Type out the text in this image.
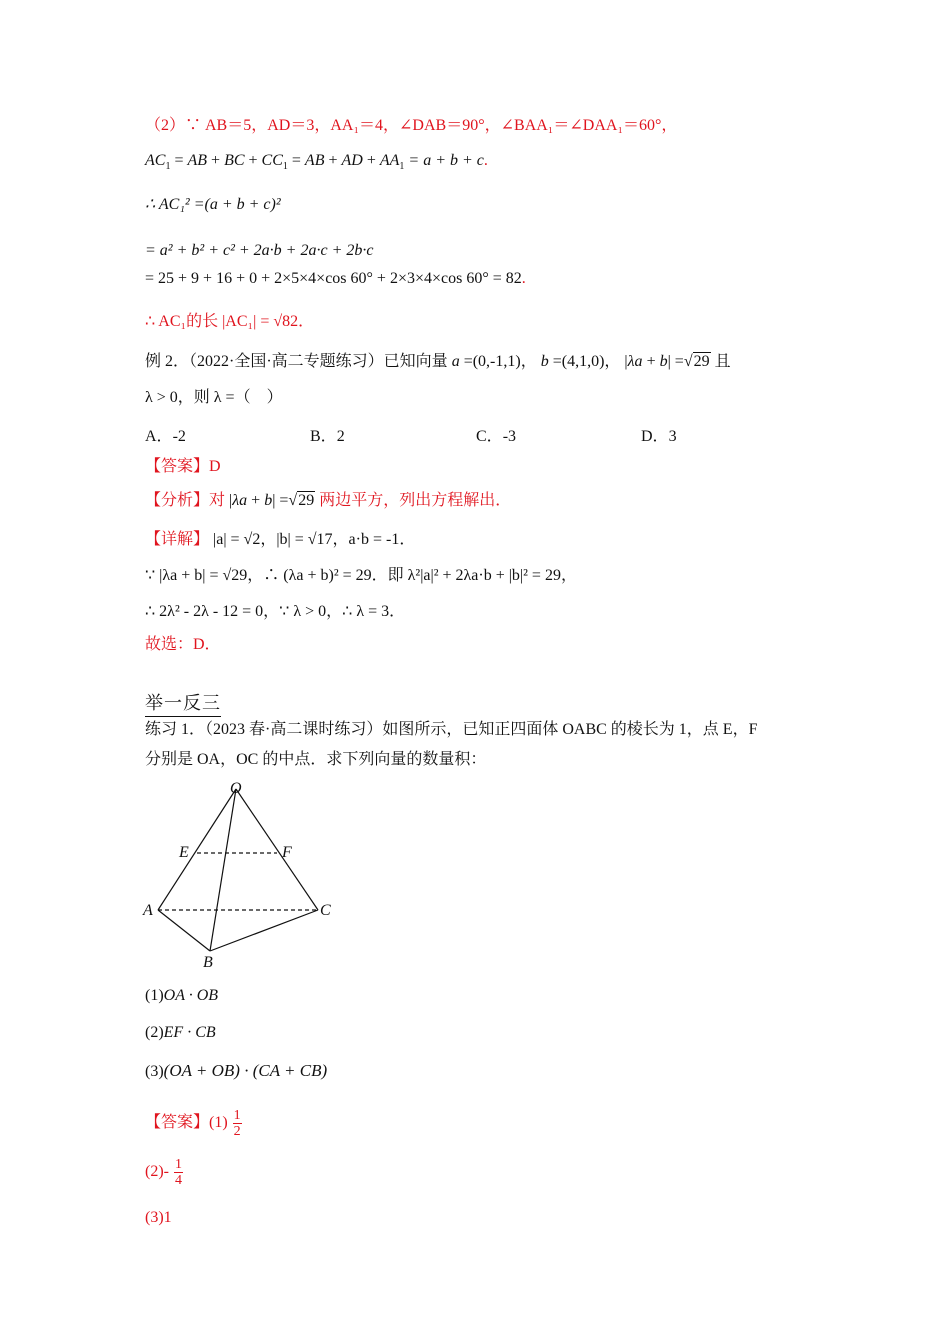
（2）∵ AB＝5，AD＝3，AA₁＝4，∠DAB＝90°，∠BAA₁＝∠DAA₁＝60°，
$AC_1$ = AB + BC + $CC_1$ = AB + AD + $AA_1 = a + b + c$.
∴ AC₁² =(a + b + c)²
= a² + b² + c² + 2a·b + 2a·c + 2b·c
= 25 + 9 + 16 + 0 + 2×5×4×cos 60° + 2×3×4×cos 60° = 82.
∴ AC₁的长 |AC₁| = √82．
例 2．（2022·全国·高二专题练习）已知向量 a =(0,-1,1)， b =(4,1,0)， |λa + b| =√29 且
λ > 0，则 λ =（　）
A．-2	B．2	C．-3	D．3
【答案】D
【分析】对 |λa + b| =√29 两边平方，列出方程解出．
【详解】 |a| = √2，|b| = √17，a·b = -1．
∵ |λa + b| = √29，∴ (λa + b)² = 29．即 λ²|a|² + 2λa·b + |b|² = 29，
∴ 2λ² - 2λ - 12 = 0，∵ λ > 0，∴ λ = 3．
故选：D．
举一反三
练习 1．（2023 春·高二课时练习）如图所示，已知正四面体 OABC 的棱长为 1，点 E，F
分别是 OA，OC 的中点．求下列向量的数量积：
O
E	F
A	C
B
(1)OA · OB
(2)EF · CB
(3)(OA + OB) · (CA + CB)
【答案】$(1) \frac{1}{2}$
$(2)- \frac{1}{4}$
(3)1
